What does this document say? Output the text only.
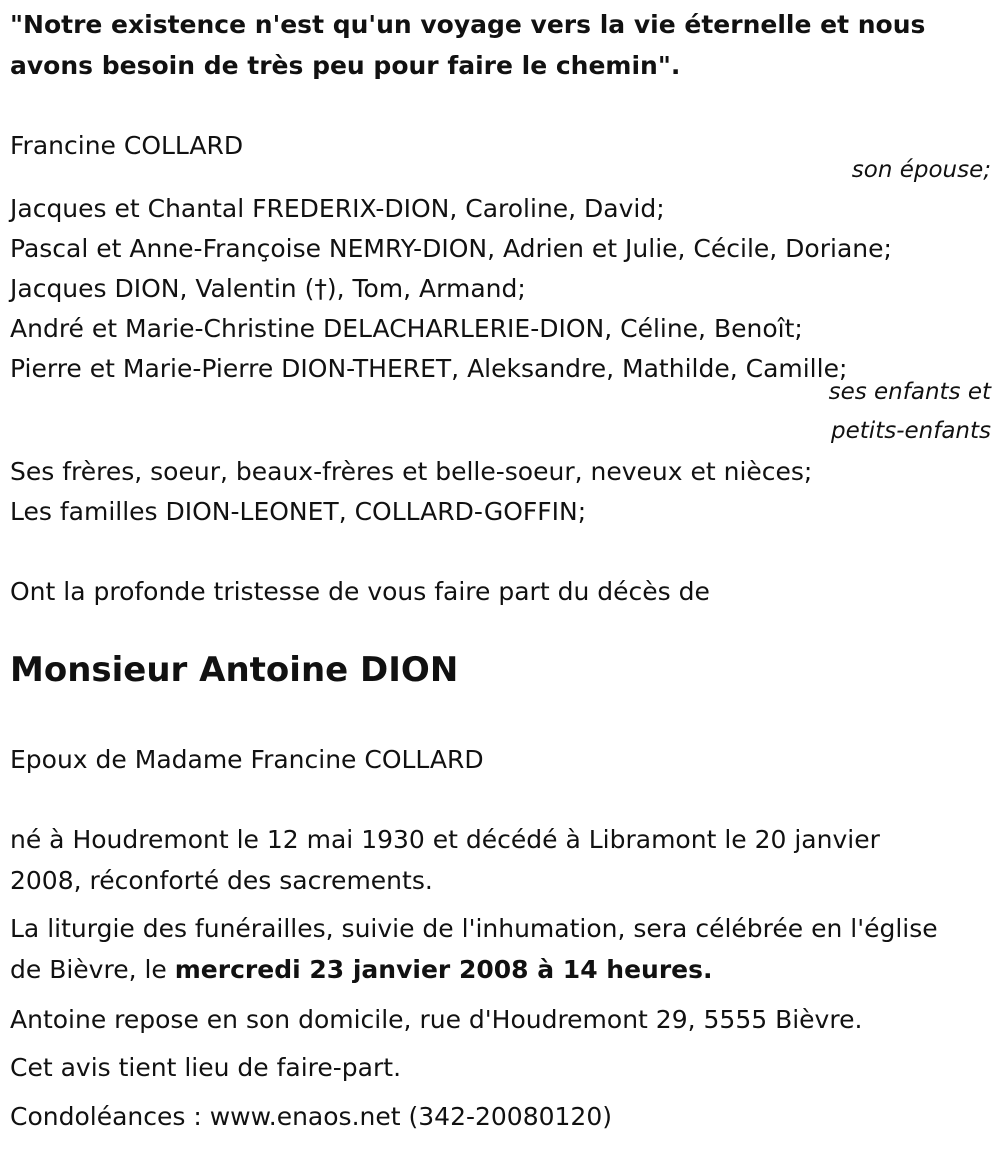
"Notre existence n'est qu'un voyage vers la vie éternelle et nous

avons besoin de très peu pour faire le chemin".

Francine COLLARD

son épouse;

Jacques et Chantal FREDERIX-DION, Caroline, David;

Pascal et Anne-Françoise NEMRY-DION, Adrien et Julie, Cécile, Doriane;

Jacques DION, Valentin (†), Tom, Armand;

André et Marie-Christine DELACHARLERIE-DION, Céline, Benoît;

Pierre et Marie-Pierre DION-THERET, Aleksandre, Mathilde, Camille;

ses enfants et

petits-enfants

Ses frères, soeur, beaux-frères et belle-soeur, neveux et nièces;

Les familles DION-LEONET, COLLARD-GOFFIN;

Ont la profonde tristesse de vous faire part du décès de

Monsieur Antoine DION

Epoux de Madame Francine COLLARD

né à Houdremont le 12 mai 1930 et décédé à Libramont le 20 janvier

2008, réconforté des sacrements.

La liturgie des funérailles, suivie de l'inhumation, sera célébrée en l'église

de Bièvre, le mercredi 23 janvier 2008 à 14 heures.

Antoine repose en son domicile, rue d'Houdremont 29, 5555 Bièvre.

Cet avis tient lieu de faire-part.

Condoléances : www.enaos.net (342-20080120)
